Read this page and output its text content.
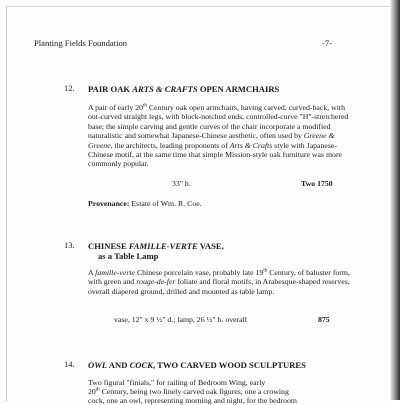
Planting Fields Foundation	-7-
12. PAIR OAK ARTS & CRAFTS OPEN ARMCHAIRS
A pair of early 20th Century oak open armchairs, having carved, curved-back, with out-curved straight legs, with block-notched ends, controlled-curve "H"-stretchered base; the simple carving and gentle curves of the chair incorporate a modified naturalistic and somewhat Japanese-Chinese aesthetic, often used by Greene & Greene, the architects, leading proponents of Arts & Crafts style with Japanese-Chinese motif, at the same time that simple Mission-style oak furniture was more commonly popular.
33" h.	Two 1750
Provenance: Estate of Wm. R. Coe.
13. CHINESE FAMILLE-VERTE VASE,
as a Table Lamp
A famille-verte Chinese porcelain vase, probably late 19th Century, of baluster form, with green and rouge-de-fer foliate and floral motifs, in Arabesque-shaped reserves, overall diapered ground, drilled and mounted as table lamp.
vase, 12" x 9 ½" d.; lamp, 26 ½" h. overall	875
14. OWL AND COCK, TWO CARVED WOOD SCULPTURES
Two figural "finials," for railing of Bedroom Wing, early
20th Century, being two finely carved oak figures, one a crowing
cock, one an owl, representing morning and night, for the bedroom
